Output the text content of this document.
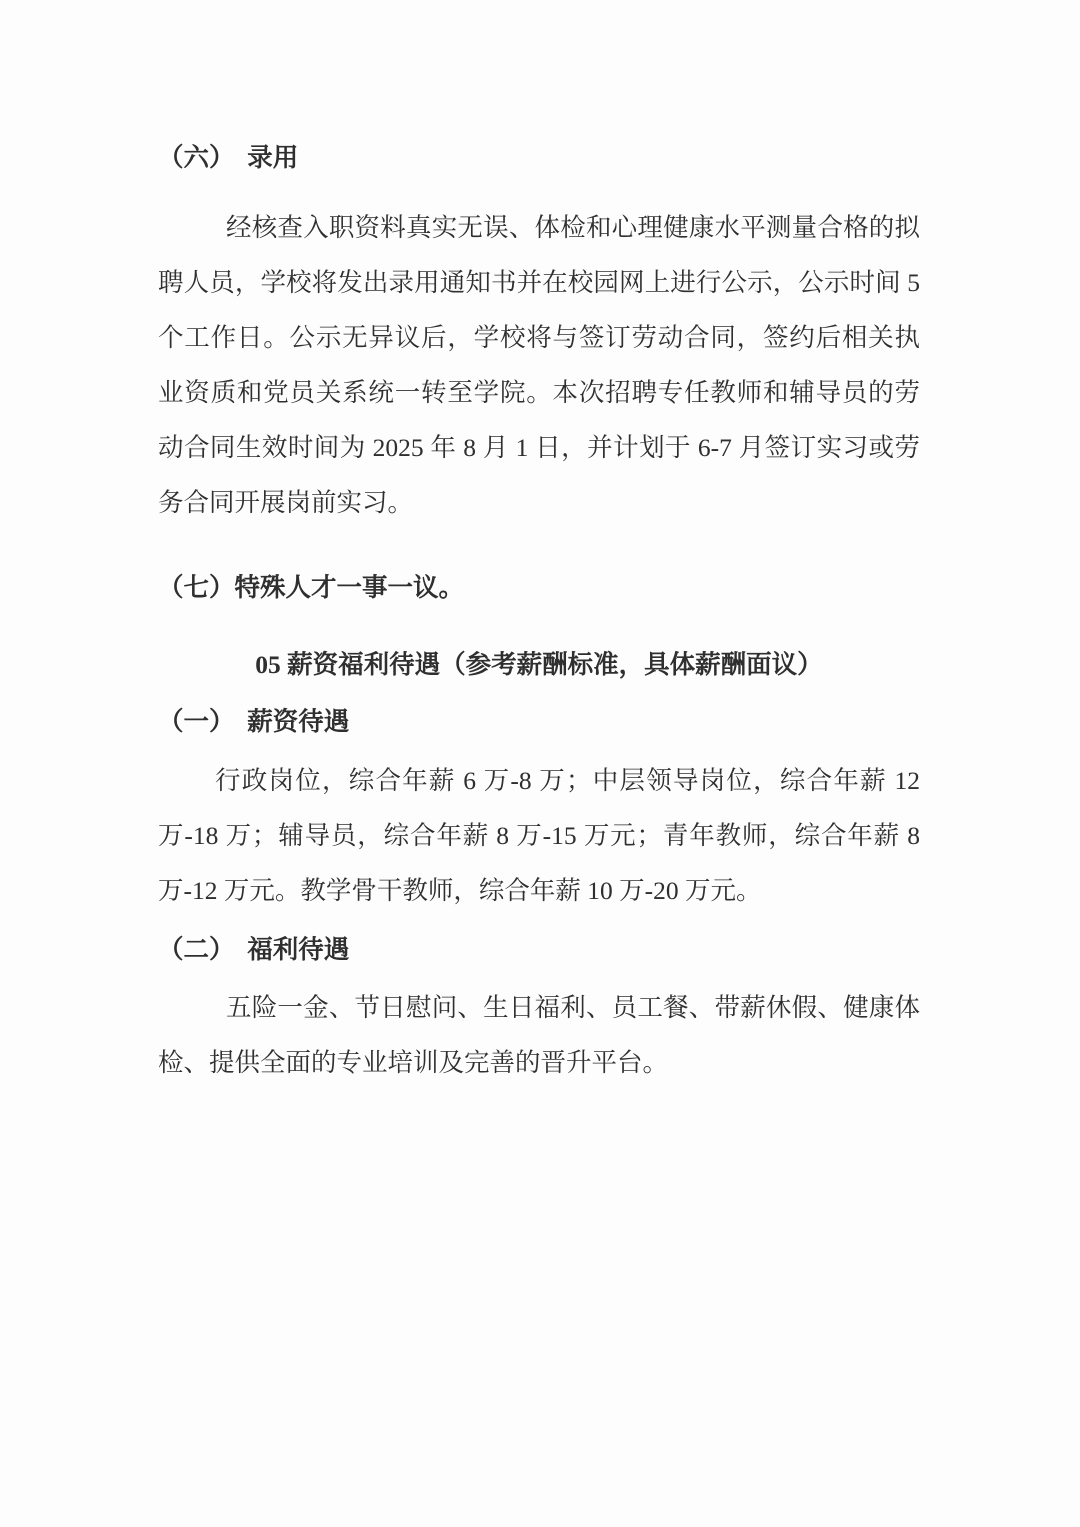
（六）　录用

经核查入职资料真实无误、体检和心理健康水平测量合格的拟聘人员，学校将发出录用通知书并在校园网上进行公示，公示时间 5 个工作日。公示无异议后，学校将与签订劳动合同，签约后相关执业资质和党员关系统一转至学院。本次招聘专任教师和辅导员的劳动合同生效时间为 2025 年 8 月 1 日，并计划于 6-7 月签订实习或劳务合同开展岗前实习。

（七）特殊人才一事一议。
05 薪资福利待遇（参考薪酬标准，具体薪酬面议）
（一）　薪资待遇

行政岗位，综合年薪 6 万-8 万；中层领导岗位，综合年薪 12 万-18 万；辅导员，综合年薪 8 万-15 万元；青年教师，综合年薪 8 万-12 万元。教学骨干教师，综合年薪 10 万-20 万元。

（二）　福利待遇

五险一金、节日慰问、生日福利、员工餐、带薪休假、健康体检、提供全面的专业培训及完善的晋升平台。
